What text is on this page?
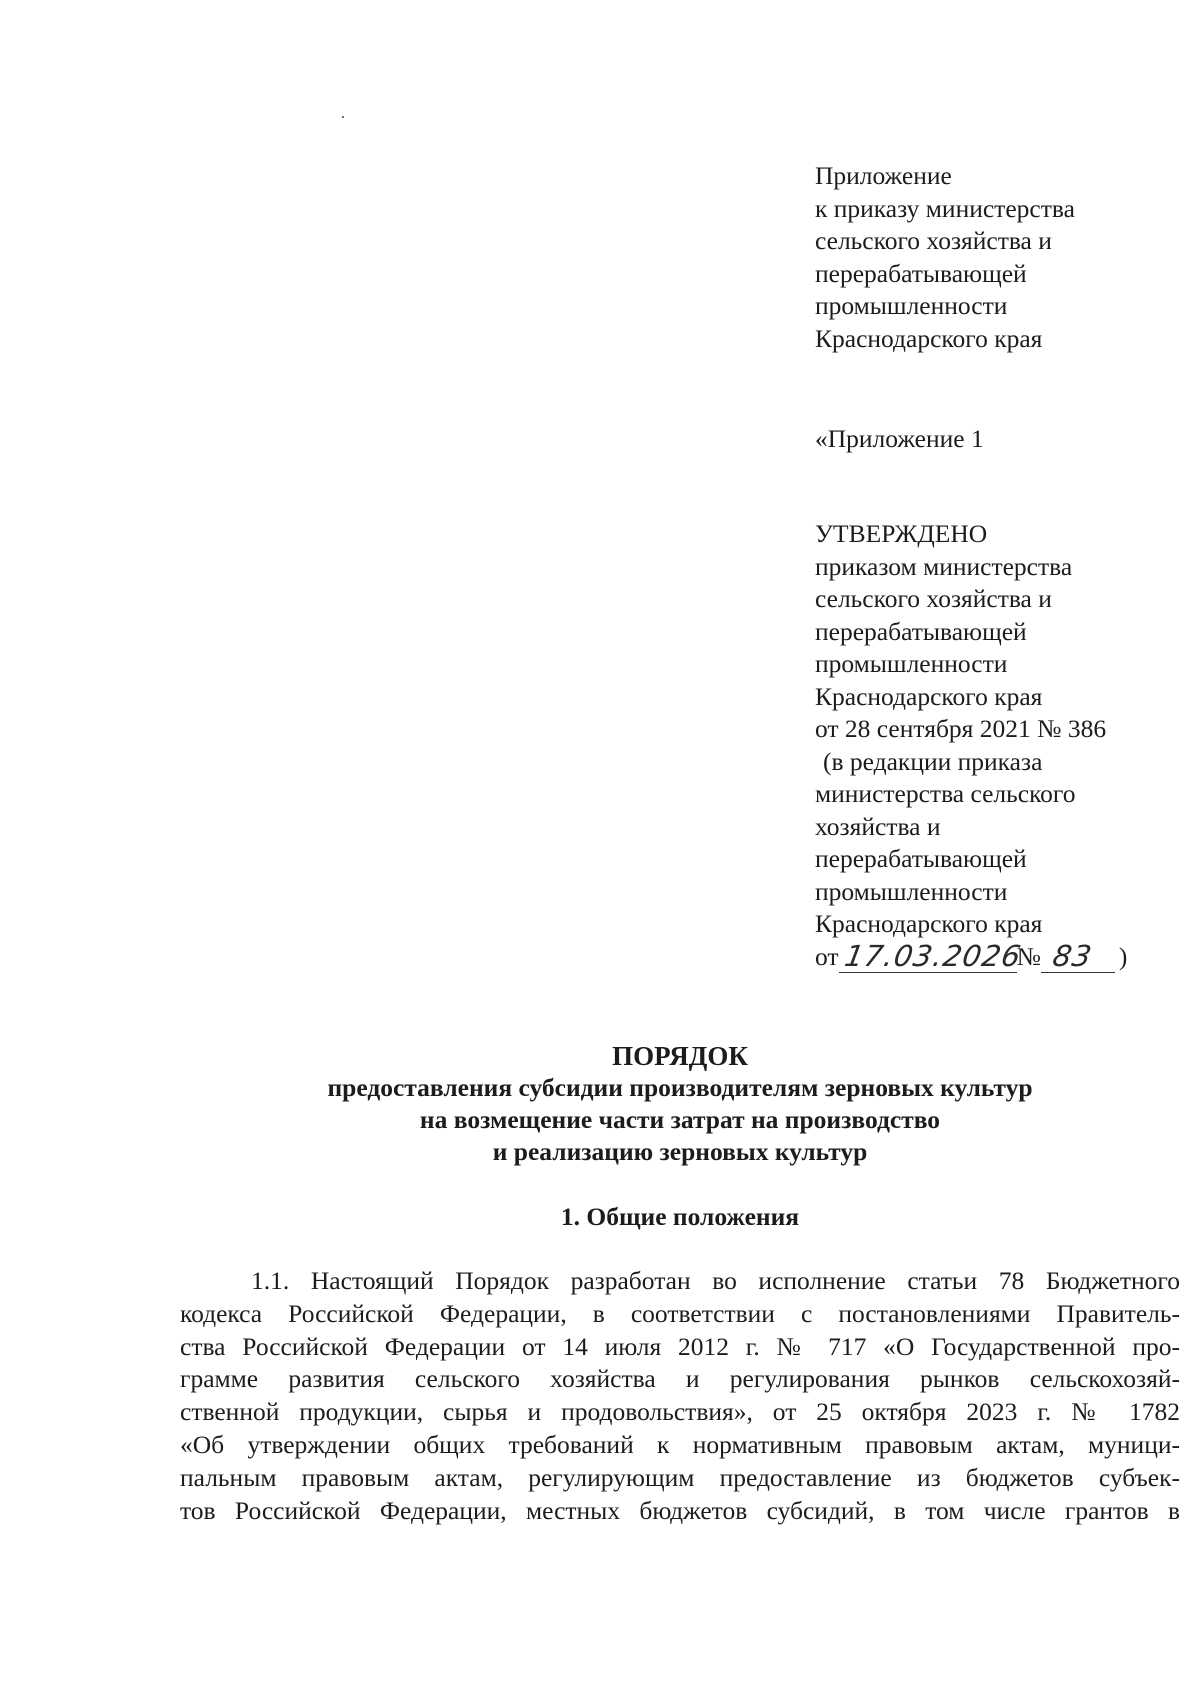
Приложение
к приказу министерства
сельского хозяйства и
перерабатывающей
промышленности
Краснодарского края
«Приложение 1
УТВЕРЖДЕНО
приказом министерства
сельского хозяйства и
перерабатывающей
промышленности
Краснодарского края
от 28 сентября 2021 № 386
(в редакции приказа
министерства сельского
хозяйства и
перерабатывающей
промышленности
Краснодарского края
от 17.03.2026
№ 83 )
ПОРЯДОК
предоставления субсидии производителям зерновых культур
на возмещение части затрат на производство
и реализацию зерновых культур
1. Общие положения

1.1. Настоящий Порядок разработан во исполнение статьи 78 Бюджетного
кодекса Российской Федерации, в соответствии с постановлениями Правитель-
ства Российской Федерации от 14 июля 2012 г. № 717 «О Государственной про-
грамме развития сельского хозяйства и регулирования рынков сельскохозяй-
ственной продукции, сырья и продовольствия», от 25 октября 2023 г. № 1782
«Об утверждении общих требований к нормативным правовым актам, муници-
пальным правовым актам, регулирующим предоставление из бюджетов субъек-
тов Российской Федерации, местных бюджетов субсидий, в том числе грантов в
